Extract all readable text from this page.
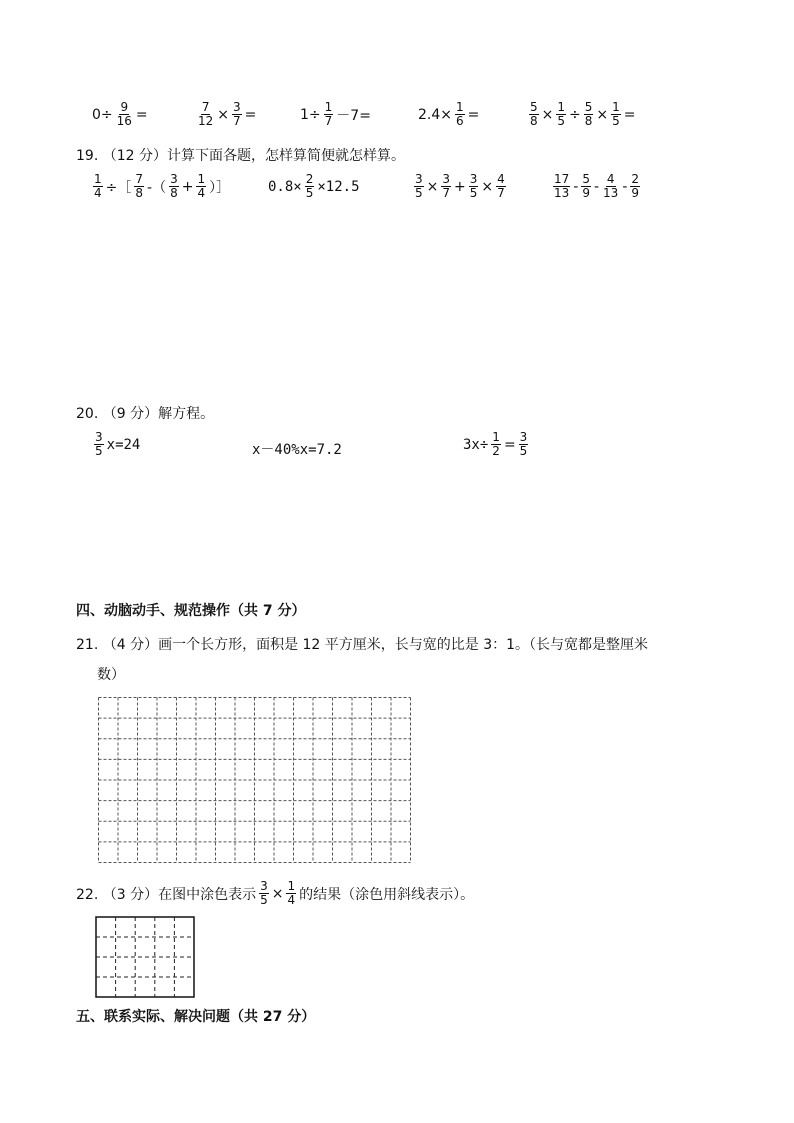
$0\div \frac{9}{16}$ =	$\frac{7}{12} \times \frac{3}{7}$ =	$1\div \frac{1}{7} -7=$	$2.4\times \frac{1}{6}$ =	$\frac{5}{8} \times \frac{1}{5} \div \frac{5}{8} \times \frac{1}{5}$ =
19. （12 分）计算下面各题，怎样算简便就怎样算。
$\frac{1}{4}$ ÷［ $\frac{7}{8}$ -（ $\frac{3}{8} + \frac{1}{4}$ ）］	$0.8\times \frac{2}{5} \times 12.5$	$\frac{3}{5} \times \frac{3}{7} + \frac{3}{5} \times \frac{4}{7}$	$\frac{17}{13} - \frac{5}{9} - \frac{4}{13} - \frac{2}{9}$
20. （9 分）解方程。
$\frac{3}{5} x=24$	x－40%x=7.2	$3x\div \frac{1}{2} = \frac{3}{5}$
四、动脑动手、规范操作（共 7 分）
21. （4 分）画一个长方形，面积是 12 平方厘米，长与宽的比是 3：1。（长与宽都是整厘米
数）
22. （3 分）在图中涂色表示 $\frac{3}{5} \times \frac{1}{4}$ 的结果（涂色用斜线表示）。
五、联系实际、解决问题（共 27 分）
